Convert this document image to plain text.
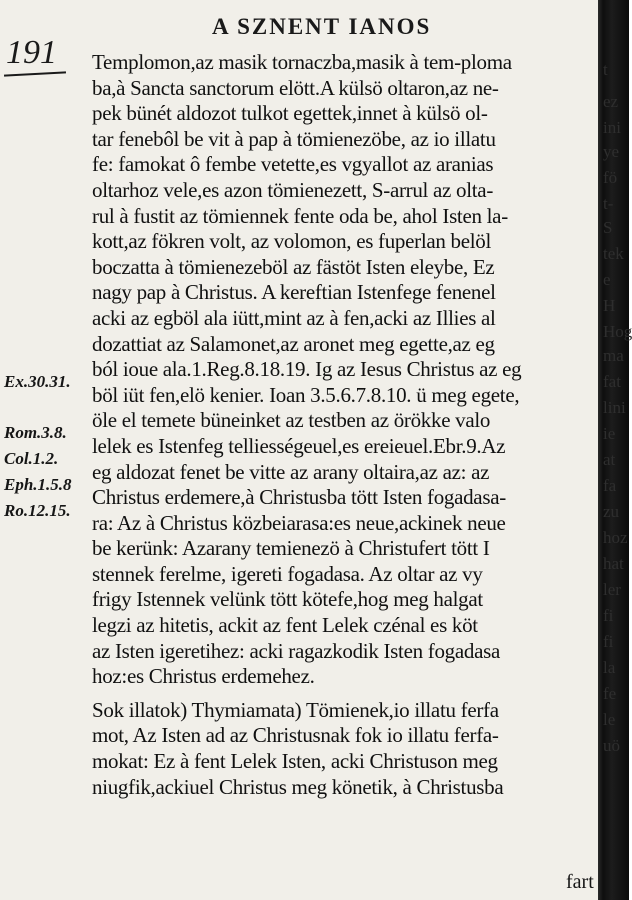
A SZNENT IANOS
191 Templomon,az masik tornaczba,masik à tem-ploma
ba,à Sancta sanctorum elött.A külsö oltaron,az ne-
pek bünét aldozot tulkot egettek,innet à külsö ol-
tar fenebôl be vit à pap à tömienezöbe, az io illatu
fe: famokat ô fembe vetette,es vgyallot az aranias
oltarhoz vele,es azon tömienezett, S-arrul az olta-
rul à fustit az tömiennek fente oda be, ahol Isten la-
kott,az fökren volt, az volomon, es fuperlan belöl
boczatta à tömienezeböl az fästöt Isten eleybe, Ez
nagy pap à Christus. A kereftian Istenfege fenenel
acki az egböl ala iütt,mint az à fen,acki az Illies al
dozattiat az Salamonet,az aronet meg egette,az eg
ból ioue ala.1.Reg.8.18.19. Ig az Iesus Christus az eg
böl iüt fen,elö kenier. Ioan 3.5.6.7.8.10. ü meg egete,
öle el temete büneinket az testben az örökke valo
lelek es Istenfeg telliességeuel,es ereieuel.Ebr.9.Az
eg aldozat fenet be vitte az arany oltaira,az az: az
Christus erdemere,à Christusba tött Isten fogadasa-
ra: Az à Christus közbeiarasa:es neue,ackinek neue
be kerünk: Azarany temienezö à Christufert tött I
stennek ferelme, igereti fogadasa. Az oltar az vy
frigy Istennek velünk tött kötefe,hog meg halgat
legzi az hitetis, ackit az fent Lelek czénal es köt
az Isten igeretihez: acki ragazkodik Isten fogadasa
hoz:es Christus erdemehez.
Sok illatok) Thymiamata) Tömienek,io illatu ferfa
mot, Az Isten ad az Christusnak fok io illatu ferfa-
mokat: Ez à fent Lelek Isten, acki Christuson meg
niugfik,ackiuel Christus meg könetik, à Christusba
Ex.30.31.
Rom.3.8.
Col.1.2.
Eph.1.5.8
Ro.12.15.
fart
t
ez
ini
ye
fö
t-
S
tek
e
H
Hog
ma
fat
lini
ie
at
fa
zu
hoz
hat
ler
fi
fi
la
fe
le
uö
